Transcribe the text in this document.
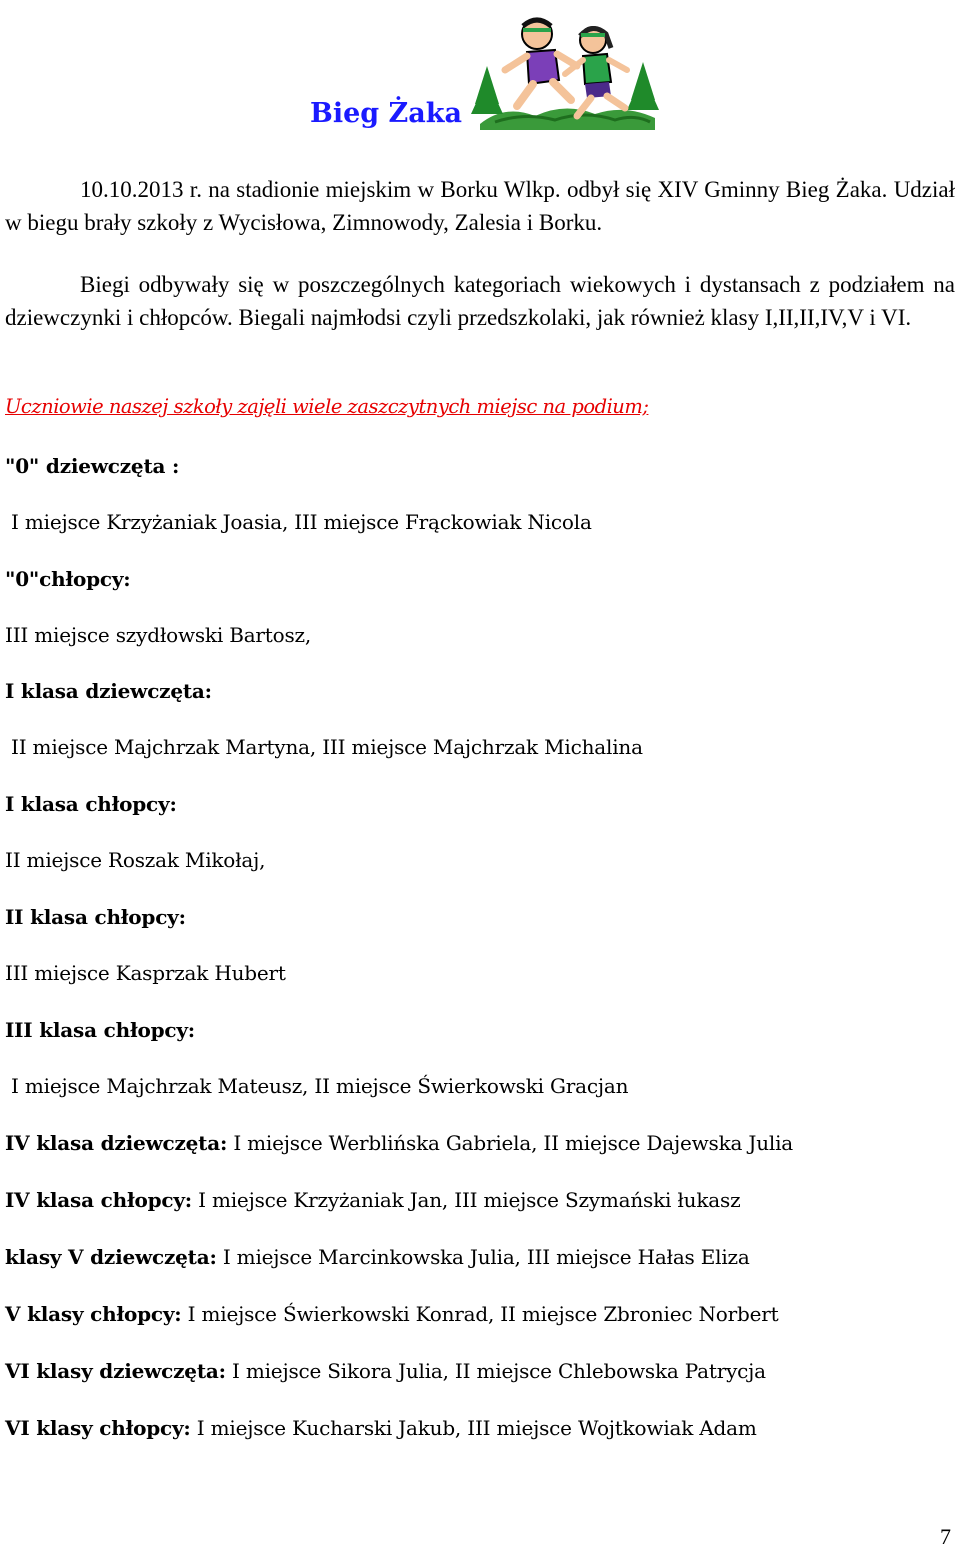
Bieg Żaka

10.10.2013 r. na stadionie miejskim w Borku Wlkp. odbył się XIV Gminny Bieg Żaka. Udział w biegu brały szkoły z Wycisłowa, Zimnowody, Zalesia i Borku.

Biegi odbywały się w poszczególnych kategoriach wiekowych i dystansach z podziałem na dziewczynki i chłopców. Biegali najmłodsi czyli przedszkolaki, jak również klasy I,II,II,IV,V i VI.

Uczniowie naszej szkoły zajęli wiele zaszczytnych miejsc na podium;
"0" dziewczęta :
I miejsce Krzyżaniak Joasia, III miejsce Frąckowiak Nicola
"0"chłopcy:
III miejsce szydłowski Bartosz,
I klasa dziewczęta:
II miejsce Majchrzak Martyna, III miejsce Majchrzak Michalina
I klasa chłopcy:
II miejsce Roszak Mikołaj,
II klasa chłopcy:
III miejsce Kasprzak Hubert
III klasa chłopcy:
I miejsce Majchrzak Mateusz, II miejsce Świerkowski Gracjan
IV klasa dziewczęta: I miejsce Werblińska Gabriela, II miejsce Dajewska Julia
IV klasa chłopcy: I miejsce Krzyżaniak Jan, III miejsce Szymański łukasz
klasy V dziewczęta: I miejsce Marcinkowska Julia, III miejsce Hałas Eliza
V klasy chłopcy: I miejsce Świerkowski Konrad, II miejsce Zbroniec Norbert
VI klasy dziewczęta: I miejsce Sikora Julia, II miejsce Chlebowska Patrycja
VI klasy chłopcy: I miejsce Kucharski Jakub, III miejsce Wojtkowiak Adam
7
